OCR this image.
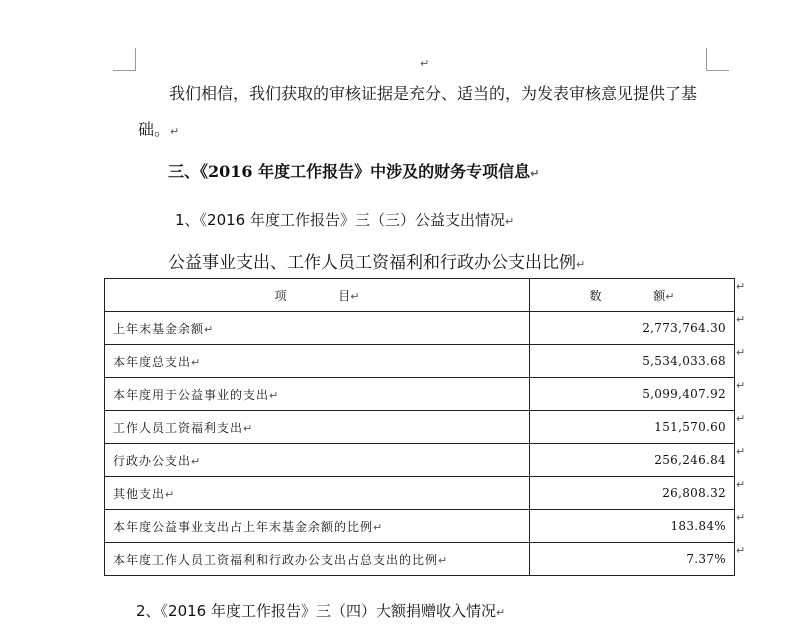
↵
我们相信，我们获取的审核证据是充分、适当的，为发表审核意见提供了基
础。↵
三、《2016 年度工作报告》中涉及的财务专项信息↵
1、《2016 年度工作报告》三（三）公益支出情况↵
公益事业支出、工作人员工资福利和行政办公支出比例↵
项 目↵	数 额↵
上年末基金余额↵	2,773,764.30
本年度总支出↵	5,534,033.68
本年度用于公益事业的支出↵	5,099,407.92
工作人员工资福利支出↵	151,570.60
行政办公支出↵	256,246.84
其他支出↵	26,808.32
本年度公益事业支出占上年末基金余额的比例↵	183.84%
本年度工作人员工资福利和行政办公支出占总支出的比例↵	7.37%
↵
↵
↵
↵
↵
↵
↵
↵
↵
2、《2016 年度工作报告》三（四）大额捐赠收入情况↵
